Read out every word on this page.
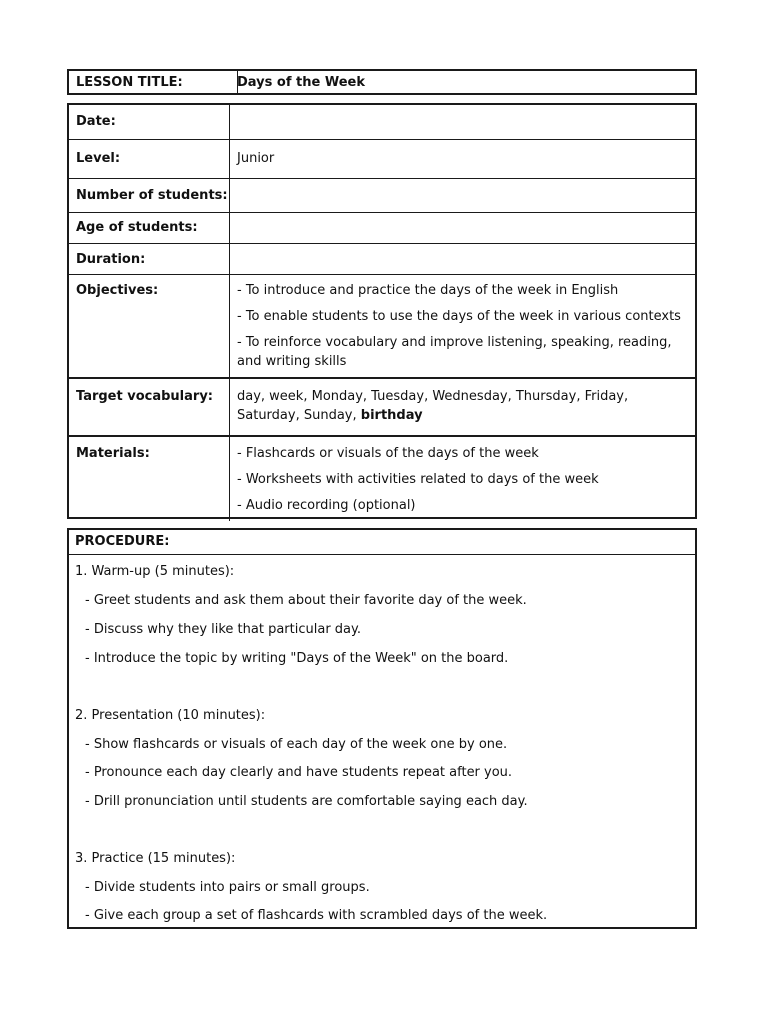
LESSON TITLE:	Days of the Week
Date:
Level:	Junior
Number of students:
Age of students:
Duration:
Objectives:	- To introduce and practice the days of the week in English
- To enable students to use the days of the week in various contexts
- To reinforce vocabulary and improve listening, speaking, reading, and writing skills
Target vocabulary: day, week, Monday, Tuesday, Wednesday, Thursday, Friday, Saturday, Sunday, birthday
Materials:	- Flashcards or visuals of the days of the week
- Worksheets with activities related to days of the week
- Audio recording (optional)
PROCEDURE:
1. Warm-up (5 minutes):
- Greet students and ask them about their favorite day of the week.
- Discuss why they like that particular day.
- Introduce the topic by writing "Days of the Week" on the board.
2. Presentation (10 minutes):
- Show flashcards or visuals of each day of the week one by one.
- Pronounce each day clearly and have students repeat after you.
- Drill pronunciation until students are comfortable saying each day.
3. Practice (15 minutes):
- Divide students into pairs or small groups.
- Give each group a set of flashcards with scrambled days of the week.
